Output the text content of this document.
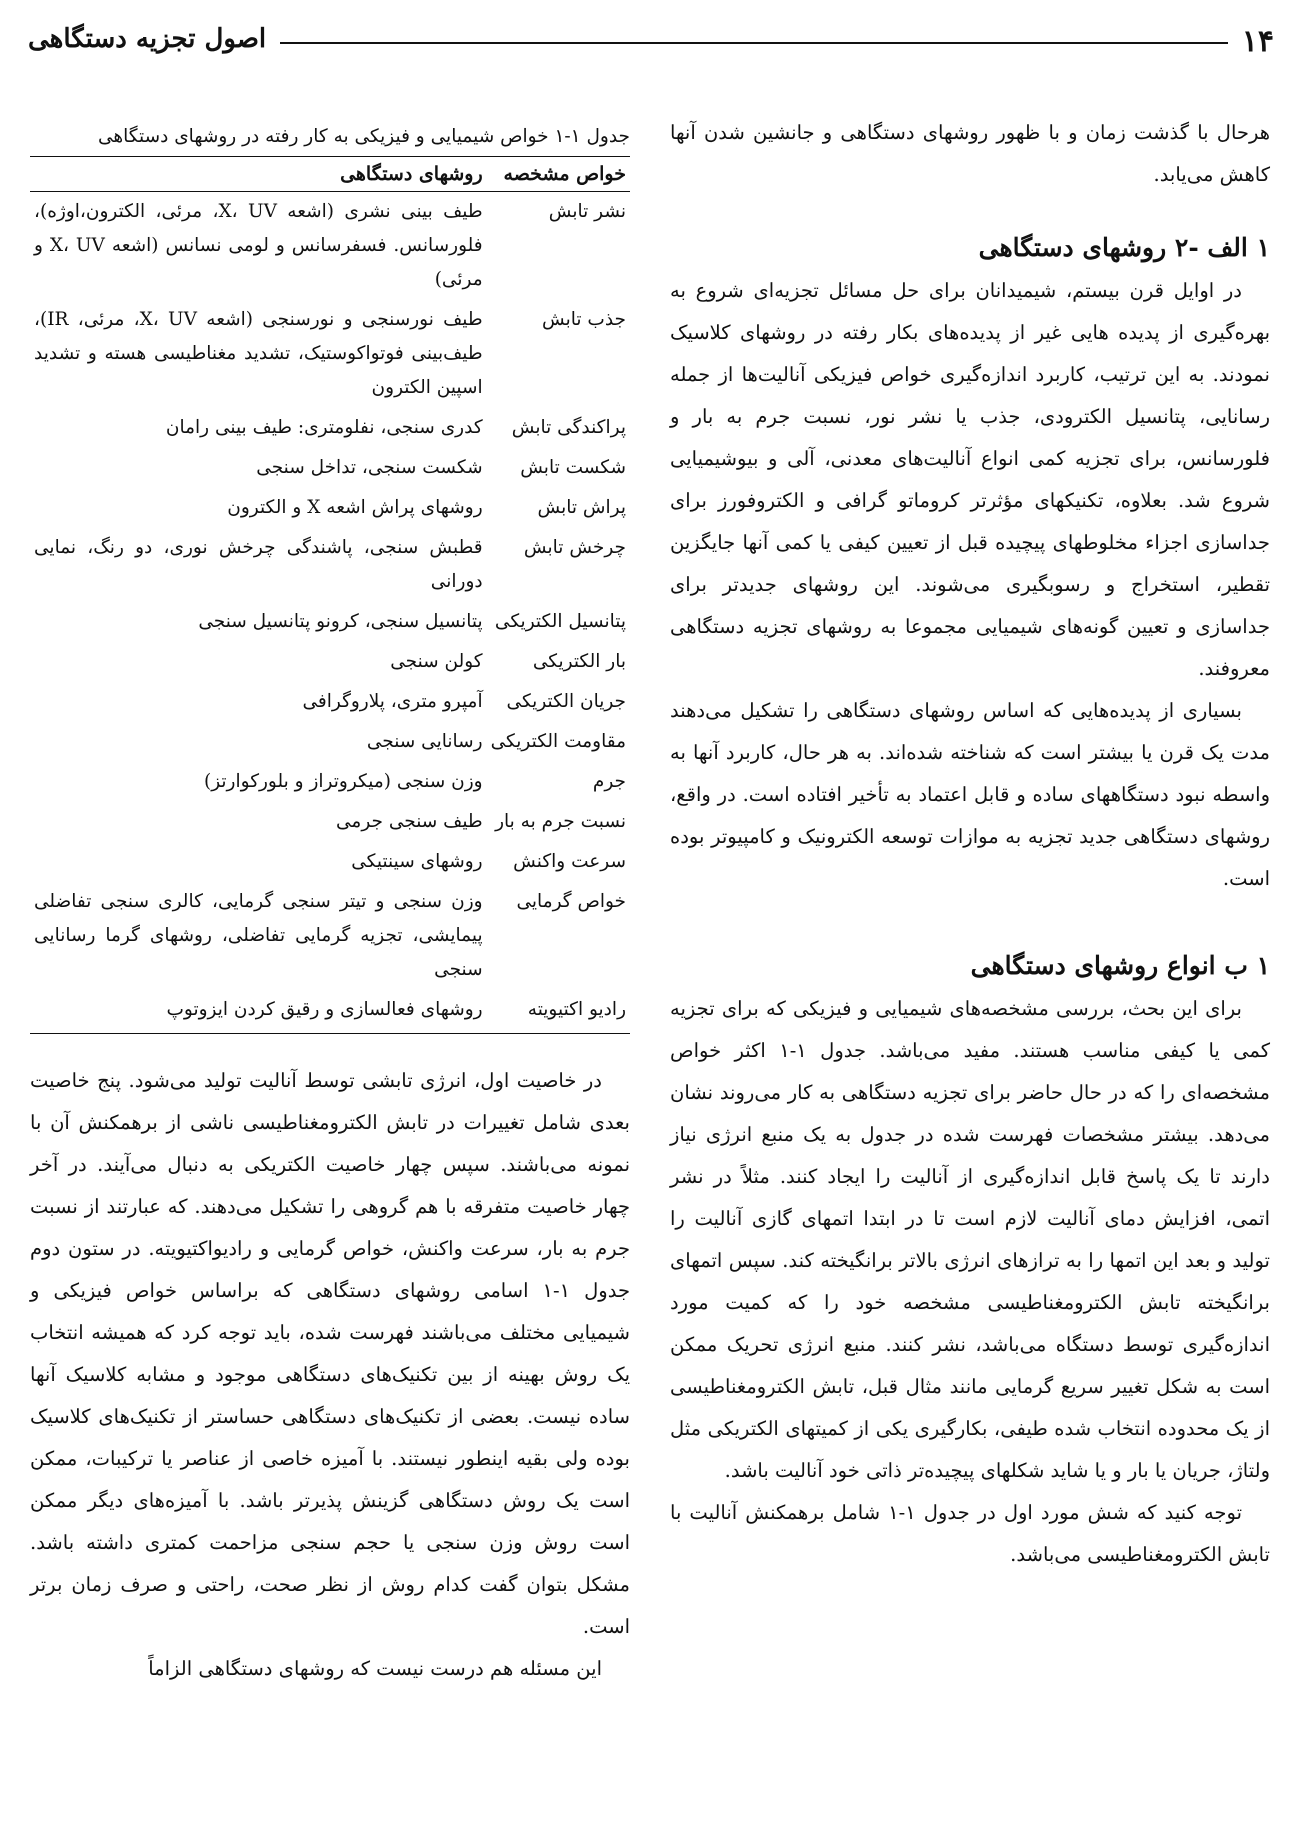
۱۴
اصول تجزیه دستگاهی

هرحال با گذشت زمان و با ظهور روشهای دستگاهی و جانشین شدن آنها کاهش می‌یابد.

۱ الف -۲ روشهای دستگاهی

در اوایل قرن بیستم، شیمیدانان برای حل مسائل تجزیه‌ای شروع به بهره‌گیری از پدیده هایی غیر از پدیده‌های بکار رفته در روشهای کلاسیک نمودند. به این ترتیب، کاربرد اندازه‌گیری خواص فیزیکی آنالیت‌ها از جمله رسانایی، پتانسیل الکترودی، جذب یا نشر نور، نسبت جرم به بار و فلورسانس، برای تجزیه کمی انواع آنالیت‌های معدنی، آلی و بیوشیمیایی شروع شد. بعلاوه، تکنیکهای مؤثرتر کروماتو گرافی و الکتروفورز برای جداسازی اجزاء مخلوطهای پیچیده قبل از تعیین کیفی یا کمی آنها جایگزین تقطیر، استخراج و رسوبگیری می‌شوند. این روشهای جدیدتر برای جداسازی و تعیین گونه‌های شیمیایی مجموعا به روشهای تجزیه دستگاهی معروفند.

بسیاری از پدیده‌هایی که اساس روشهای دستگاهی را تشکیل می‌دهند مدت یک قرن یا بیشتر است که شناخته شده‌اند. به هر حال، کاربرد آنها به واسطه نبود دستگاههای ساده و قابل اعتماد به تأخیر افتاده است. در واقع، روشهای دستگاهی جدید تجزیه به موازات توسعه الکترونیک و کامپیوتر بوده است.

۱ ب انواع روشهای دستگاهی

برای این بحث، بررسی مشخصه‌های شیمیایی و فیزیکی که برای تجزیه کمی یا کیفی مناسب هستند. مفید می‌باشد. جدول ۱-۱ اکثر خواص مشخصه‌ای را که در حال حاضر برای تجزیه دستگاهی به کار می‌روند نشان می‌دهد. بیشتر مشخصات فهرست شده در جدول به یک منبع انرژی نیاز دارند تا یک پاسخ قابل اندازه‌گیری از آنالیت را ایجاد کنند. مثلاً در نشر اتمی، افزایش دمای آنالیت لازم است تا در ابتدا اتمهای گازی آنالیت را تولید و بعد این اتمها را به ترازهای انرژی بالاتر برانگیخته کند. سپس اتمهای برانگیخته تابش الکترومغناطیسی مشخصه خود را که کمیت مورد اندازه‌گیری توسط دستگاه می‌باشد، نشر کنند. منبع انرژی تحریک ممکن است به شکل تغییر سریع گرمایی مانند مثال قبل، تابش الکترومغناطیسی از یک محدوده انتخاب شده طیفی، بکارگیری یکی از کمیتهای الکتریکی مثل ولتاژ، جریان یا بار و یا شاید شکلهای پیچیده‌تر ذاتی خود آنالیت باشد.

توجه کنید که شش مورد اول در جدول ۱-۱ شامل برهمکنش آنالیت با تابش الکترومغناطیسی می‌باشد.

جدول ۱-۱ خواص شیمیایی و فیزیکی به کار رفته در روشهای دستگاهی
خواص مشخصه	روشهای دستگاهی
نشر تابش	طیف بینی نشری (اشعه X، UV، مرئی، الکترون،اوژه)، فلورسانس. فسفرسانس و لومی نسانس (اشعه X، UV و مرئی)
جذب تابش	طیف نورسنجی و نورسنجی (اشعه X، UV، مرئی، IR)، طیف‌بینی فوتواکوستیک، تشدید مغناطیسی هسته و تشدید اسپین الکترون
پراکندگی تابش	کدری سنجی، نفلومتری: طیف بینی رامان
شکست تابش	شکست سنجی، تداخل سنجی
پراش تابش	روشهای پراش اشعه X و الکترون
چرخش تابش	قطبش سنجی، پاشندگی چرخش نوری، دو رنگ، نمایی دورانی
پتانسیل الکتریکی	پتانسیل سنجی، کرونو پتانسیل سنجی
بار الکتریکی	کولن سنجی
جریان الکتریکی	آمپرو متری، پلاروگرافی
مقاومت الکتریکی	رسانایی سنجی
جرم	وزن سنجی (میکروتراز و بلورکوارتز)
نسبت جرم به بار	طیف سنجی جرمی
سرعت واکنش	روشهای سینتیکی
خواص گرمایی	وزن سنجی و تیتر سنجی گرمایی، کالری سنجی تفاضلی پیمایشی، تجزیه گرمایی تفاضلی، روشهای گرما رسانایی سنجی
رادیو اکتیویته	روشهای فعالسازی و رقیق کردن ایزوتوپ

در خاصیت اول، انرژی تابشی توسط آنالیت تولید می‌شود. پنج خاصیت بعدی شامل تغییرات در تابش الکترومغناطیسی ناشی از برهمکنش آن با نمونه می‌باشند. سپس چهار خاصیت الکتریکی به دنبال می‌آیند. در آخر چهار خاصیت متفرقه با هم گروهی را تشکیل می‌دهند. که عبارتند از نسبت جرم به بار، سرعت واکنش، خواص گرمایی و رادیواکتیویته. در ستون دوم جدول ۱-۱ اسامی روشهای دستگاهی که براساس خواص فیزیکی و شیمیایی مختلف می‌باشند فهرست شده، باید توجه کرد که همیشه انتخاب یک روش بهینه از بین تکنیک‌های دستگاهی موجود و مشابه کلاسیک آنها ساده نیست. بعضی از تکنیک‌های دستگاهی حساستر از تکنیک‌های کلاسیک بوده ولی بقیه اینطور نیستند. با آمیزه خاصی از عناصر یا ترکیبات، ممکن است یک روش دستگاهی گزینش پذیرتر باشد. با آمیزه‌های دیگر ممکن است روش وزن سنجی یا حجم سنجی مزاحمت کمتری داشته باشد. مشکل بتوان گفت کدام روش از نظر صحت، راحتی و صرف زمان برتر است.

این مسئله هم درست نیست که روشهای دستگاهی الزاماً
